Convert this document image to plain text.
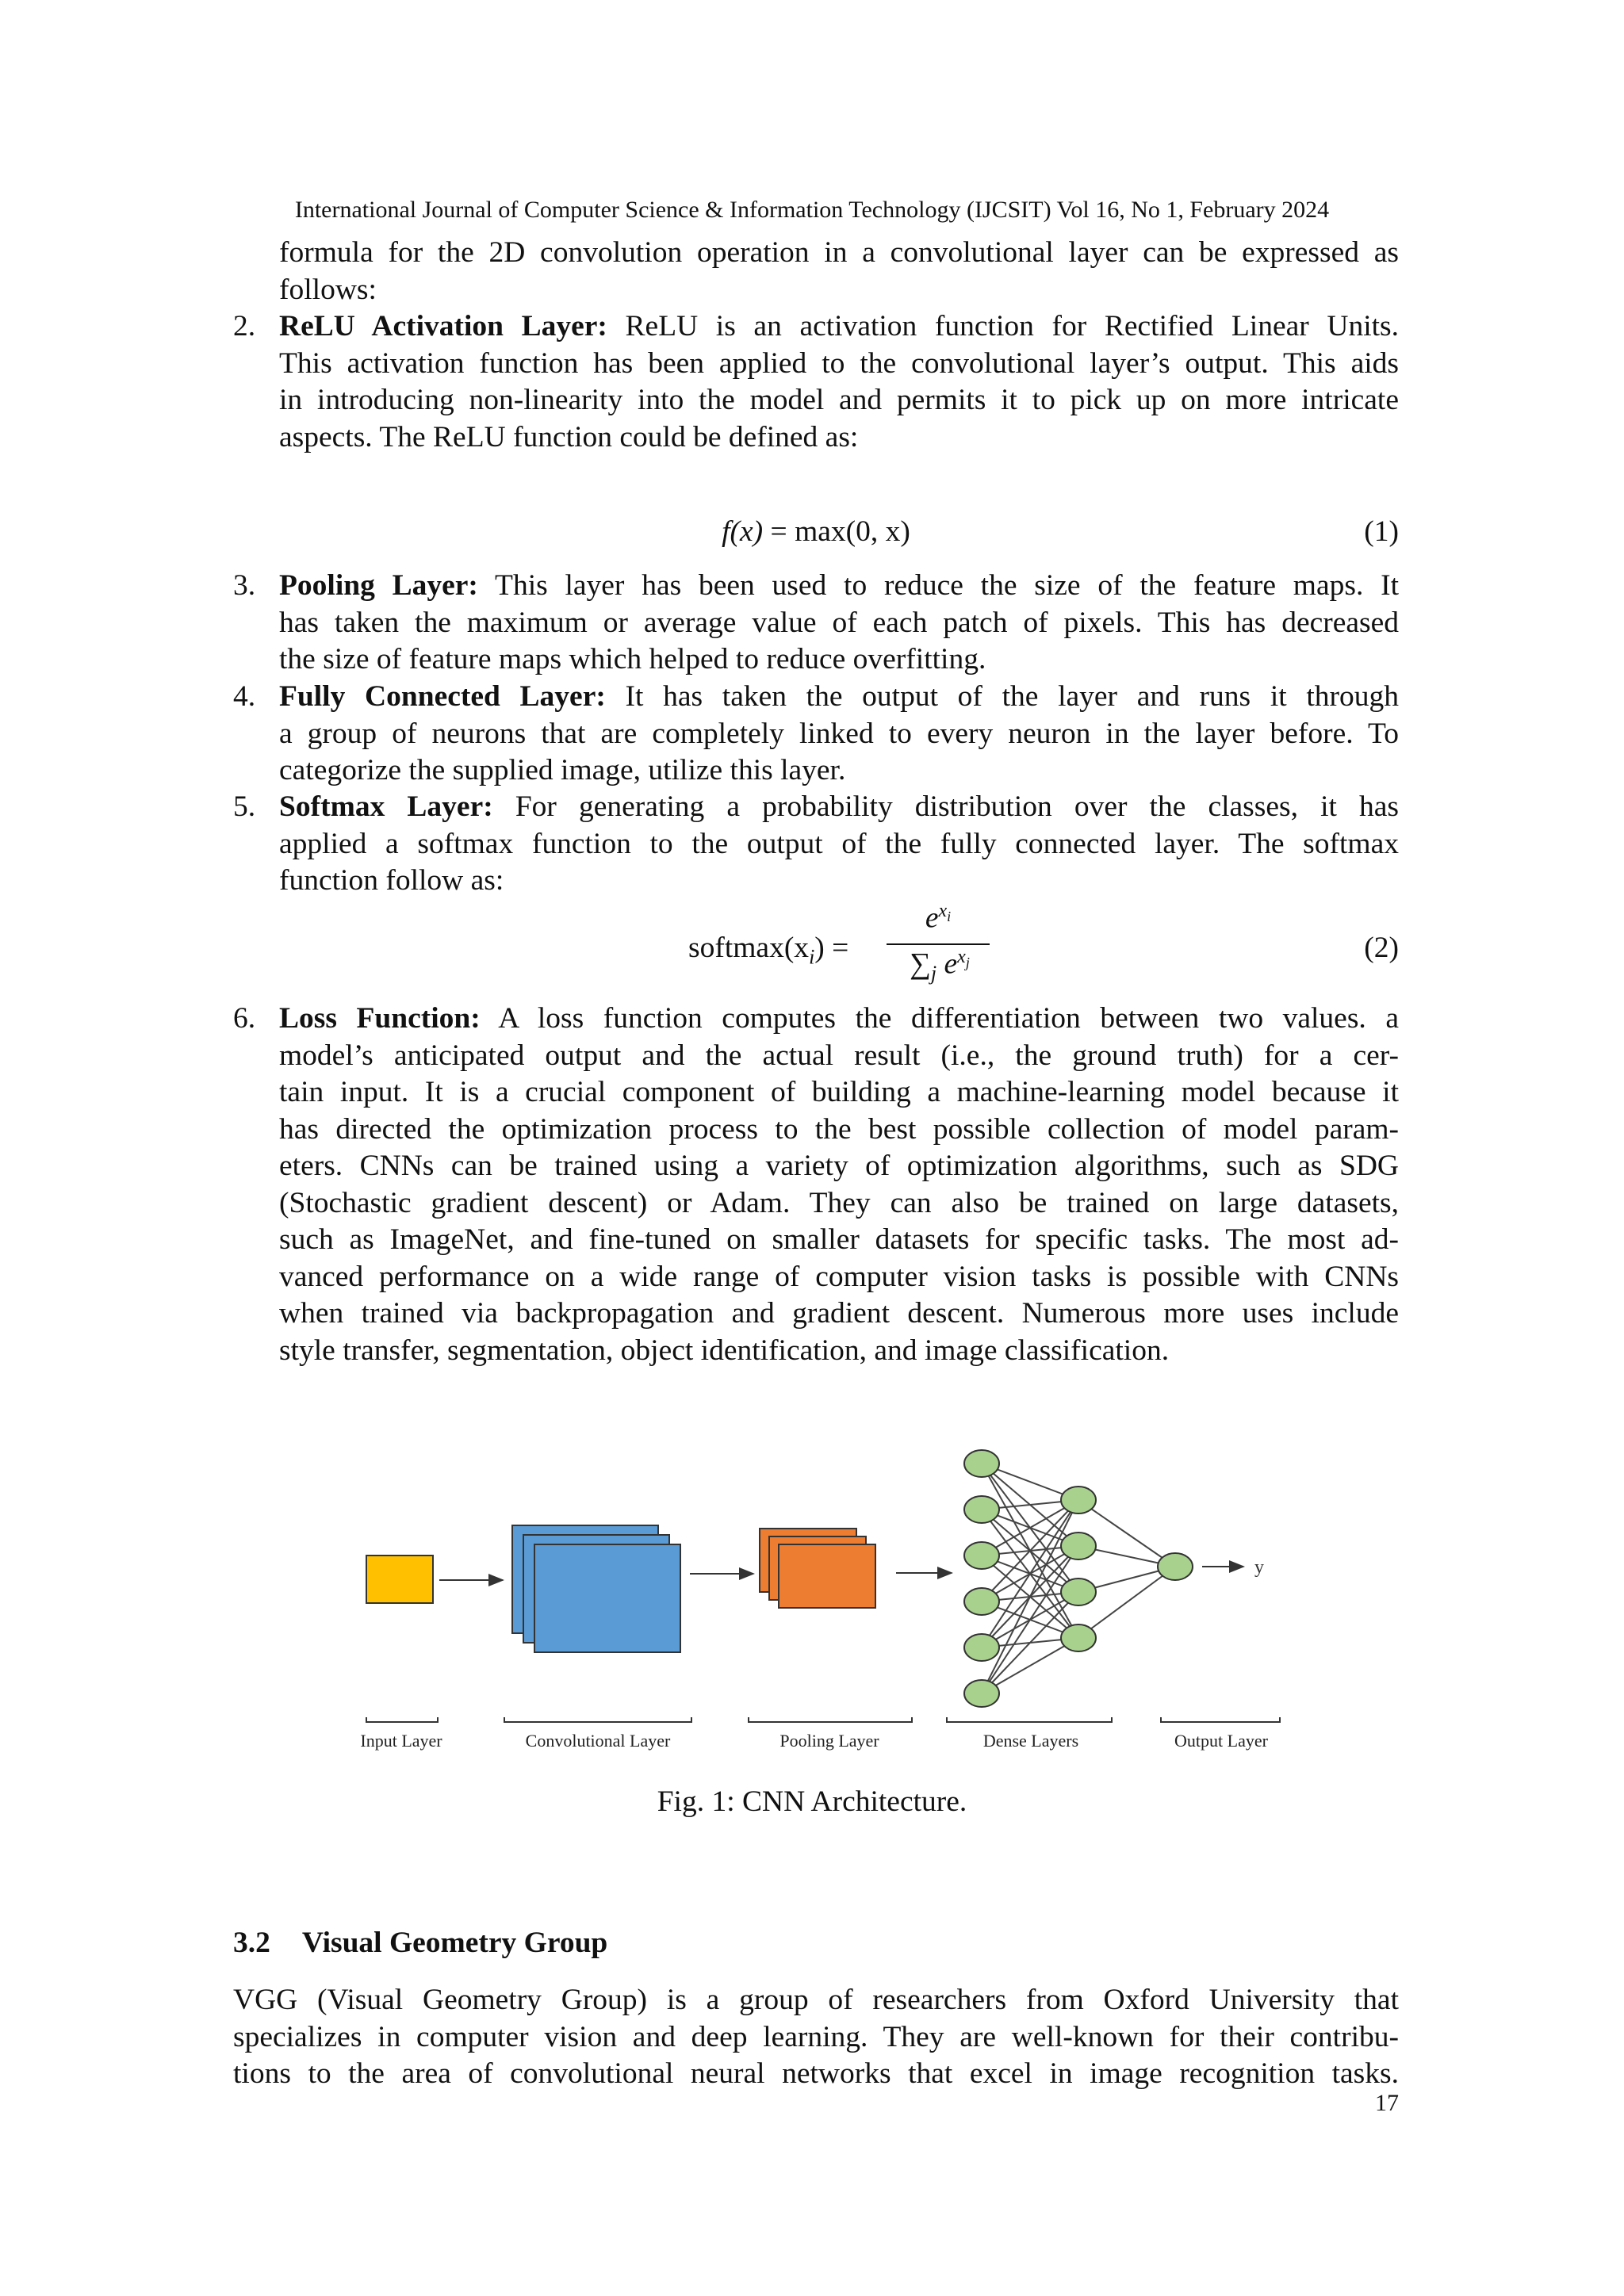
International Journal of Computer Science & Information Technology (IJCSIT) Vol 16, No 1, February 2024
formula for the 2D convolution operation in a convolutional layer can be expressed as
follows:
2. ReLU Activation Layer: ReLU is an activation function for Rectified Linear Units.
This activation function has been applied to the convolutional layer’s output. This aids
in introducing non-linearity into the model and permits it to pick up on more intricate
aspects. The ReLU function could be defined as:
f(x) = max(0, x)	(1)
3. Pooling Layer: This layer has been used to reduce the size of the feature maps. It
has taken the maximum or average value of each patch of pixels. This has decreased
the size of feature maps which helped to reduce overfitting.
4. Fully Connected Layer: It has taken the output of the layer and runs it through
a group of neurons that are completely linked to every neuron in the layer before. To
categorize the supplied image, utilize this layer.
5. Softmax Layer: For generating a probability distribution over the classes, it has
applied a softmax function to the output of the fully connected layer. The softmax
function follow as:
$softmax(x_i)$ =
$e^{x_i}$
$\sum_j$ $e^{x_j}$	(2)
6. Loss Function: A loss function computes the differentiation between two values. a
model’s anticipated output and the actual result (i.e., the ground truth) for a cer-
tain input. It is a crucial component of building a machine-learning model because it
has directed the optimization process to the best possible collection of model param-
eters. CNNs can be trained using a variety of optimization algorithms, such as SDG
(Stochastic gradient descent) or Adam. They can also be trained on large datasets,
such as ImageNet, and fine-tuned on smaller datasets for specific tasks. The most ad-
vanced performance on a wide range of computer vision tasks is possible with CNNs
when trained via backpropagation and gradient descent. Numerous more uses include
style transfer, segmentation, object identification, and image classification.
y
Input Layer	Convolutional Layer	Pooling Layer	Dense Layers	Output Layer
Fig. 1: CNN Architecture.
3.2 Visual Geometry Group
VGG (Visual Geometry Group) is a group of researchers from Oxford University that
specializes in computer vision and deep learning. They are well-known for their contribu-
tions to the area of convolutional neural networks that excel in image recognition tasks.
17
